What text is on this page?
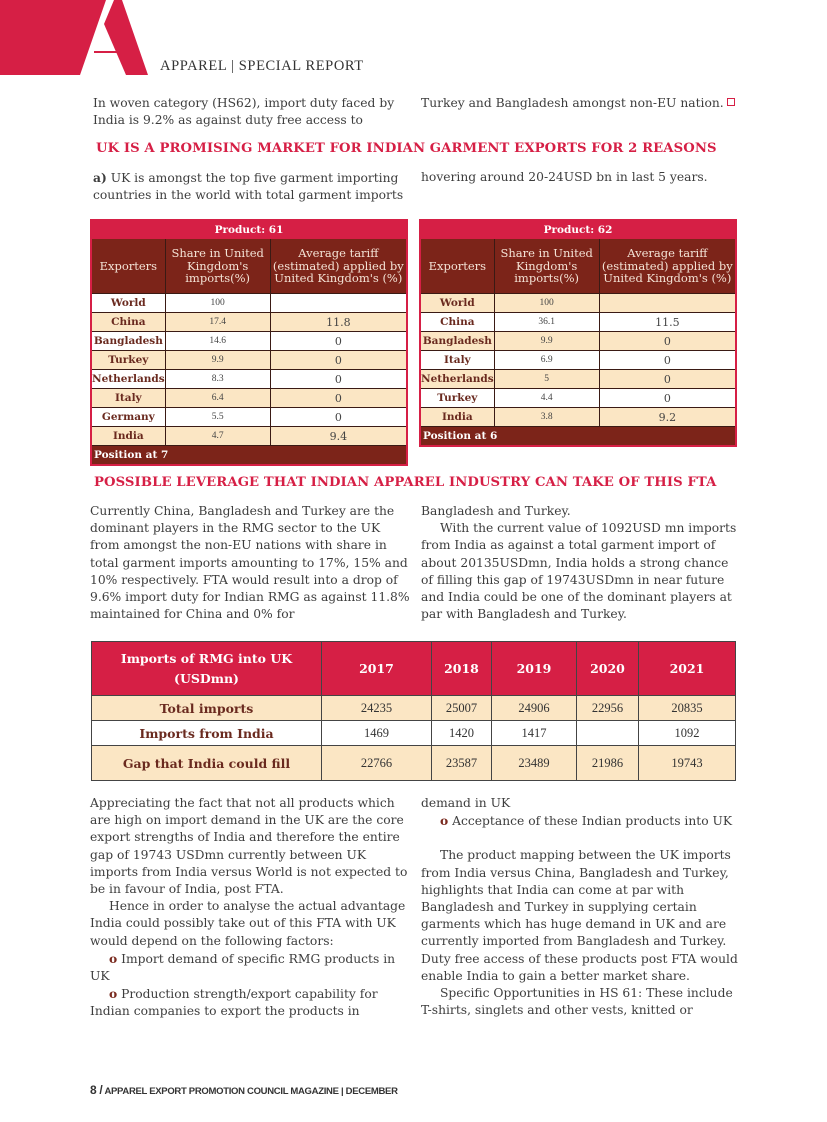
APPAREL | SPECIAL REPORT

In woven category (HS62), import duty faced by India is 9.2% as against duty free access to

Turkey and Bangladesh amongst non-EU nation.

UK IS A PROMISING MARKET FOR INDIAN GARMENT EXPORTS FOR 2 REASONS

a) UK is amongst the top five garment importing countries in the world with total garment imports

hovering around 20-24USD bn in last 5 years.

Product: 61		
Exporters	Share in United Kingdom's imports(%)	Average tariff (estimated) applied by United Kingdom's (%)
World	100	
China	17.4	11.8
Bangladesh	14.6	0
Turkey	9.9	0
Netherlands	8.3	0
Italy	6.4	0
Germany	5.5	0
India	4.7	9.4
Position at 7		
Product: 62		
Exporters	Share in United Kingdom's imports(%)	Average tariff (estimated) applied by United Kingdom's (%)
World	100	
China	36.1	11.5
Bangladesh	9.9	0
Italy	6.9	0
Netherlands	5	0
Turkey	4.4	0
India	3.8	9.2
Position at 6		
POSSIBLE LEVERAGE THAT INDIAN APPAREL INDUSTRY CAN TAKE OF THIS FTA

Currently China, Bangladesh and Turkey are the dominant players in the RMG sector to the UK from amongst the non-EU nations with share in total garment imports amounting to 17%, 15% and 10% respectively. FTA would result into a drop of 9.6% import duty for Indian RMG as against 11.8% maintained for China and 0% for

Bangladesh and Turkey.

With the current value of 1092USD mn imports from India as against a total garment import of about 20135USDmn, India holds a strong chance of filling this gap of 19743USDmn in near future and India could be one of the dominant players at par with Bangladesh and Turkey.

Imports of RMG into UK (USDmn)	2017	2018	2019	2020	2021
Total imports	24235	25007	24906	22956	20835
Imports from India	1469	1420	1417		1092
Gap that India could fill	22766	23587	23489	21986	19743

Appreciating the fact that not all products which are high on import demand in the UK are the core export strengths of India and therefore the entire gap of 19743 USDmn currently between UK imports from India versus World is not expected to be in favour of India, post FTA.

Hence in order to analyse the actual advantage India could possibly take out of this FTA with UK would depend on the following factors:

o Import demand of specific RMG products in UK

o Production strength/export capability for Indian companies to export the products in

demand in UK

o Acceptance of these Indian products into UK

The product mapping between the UK imports from India versus China, Bangladesh and Turkey, highlights that India can come at par with Bangladesh and Turkey in supplying certain garments which has huge demand in UK and are currently imported from Bangladesh and Turkey. Duty free access of these products post FTA would enable India to gain a better market share.

Specific Opportunities in HS 61: These include T-shirts, singlets and other vests, knitted or

8 / APPAREL EXPORT PROMOTION COUNCIL MAGAZINE | DECEMBER
